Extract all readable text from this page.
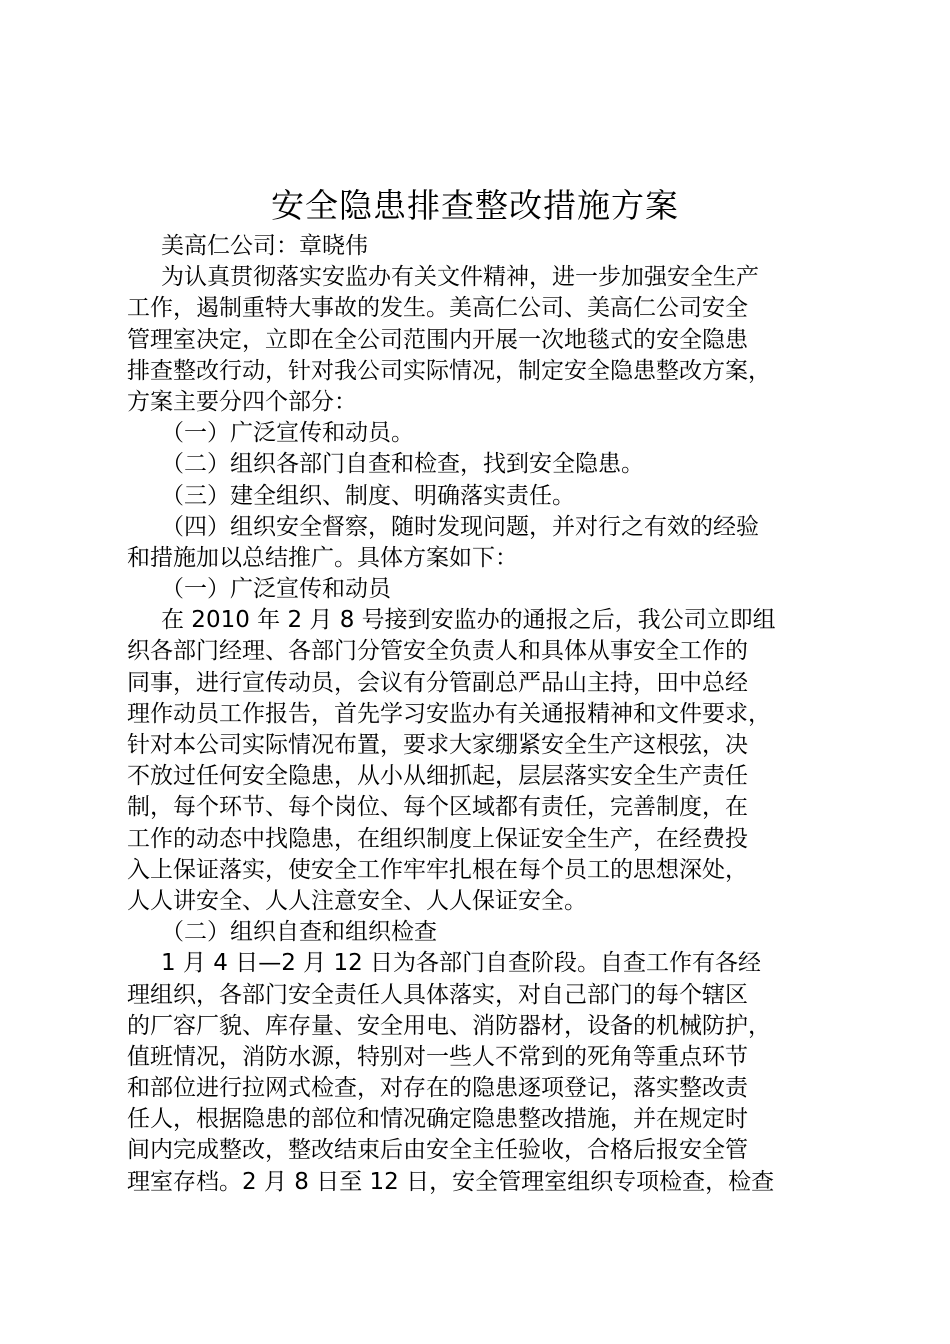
安全隐患排查整改措施方案
美高仁公司：章晓伟
为认真贯彻落实安监办有关文件精神，进一步加强安全生产
工作，遏制重特大事故的发生。美高仁公司、美高仁公司安全
管理室决定，立即在全公司范围内开展一次地毯式的安全隐患
排查整改行动，针对我公司实际情况，制定安全隐患整改方案，
方案主要分四个部分：
（一）广泛宣传和动员。
（二）组织各部门自查和检查，找到安全隐患。
（三）建全组织、制度、明确落实责任。
（四）组织安全督察，随时发现问题，并对行之有效的经验
和措施加以总结推广。具体方案如下：
（一）广泛宣传和动员
在 2010 年 2 月 8 号接到安监办的通报之后，我公司立即组
织各部门经理、各部门分管安全负责人和具体从事安全工作的
同事，进行宣传动员，会议有分管副总严品山主持，田中总经
理作动员工作报告，首先学习安监办有关通报精神和文件要求，
针对本公司实际情况布置，要求大家绷紧安全生产这根弦，决
不放过任何安全隐患，从小从细抓起，层层落实安全生产责任
制，每个环节、每个岗位、每个区域都有责任，完善制度，在
工作的动态中找隐患，在组织制度上保证安全生产，在经费投
入上保证落实，使安全工作牢牢扎根在每个员工的思想深处，
人人讲安全、人人注意安全、人人保证安全。
（二）组织自查和组织检查
1 月 4 日—2 月 12 日为各部门自查阶段。自查工作有各经
理组织，各部门安全责任人具体落实，对自己部门的每个辖区
的厂容厂貌、库存量、安全用电、消防器材，设备的机械防护，
值班情况，消防水源，特别对一些人不常到的死角等重点环节
和部位进行拉网式检查，对存在的隐患逐项登记，落实整改责
任人，根据隐患的部位和情况确定隐患整改措施，并在规定时
间内完成整改，整改结束后由安全主任验收，合格后报安全管
理室存档。2 月 8 日至 12 日，安全管理室组织专项检查，检查
